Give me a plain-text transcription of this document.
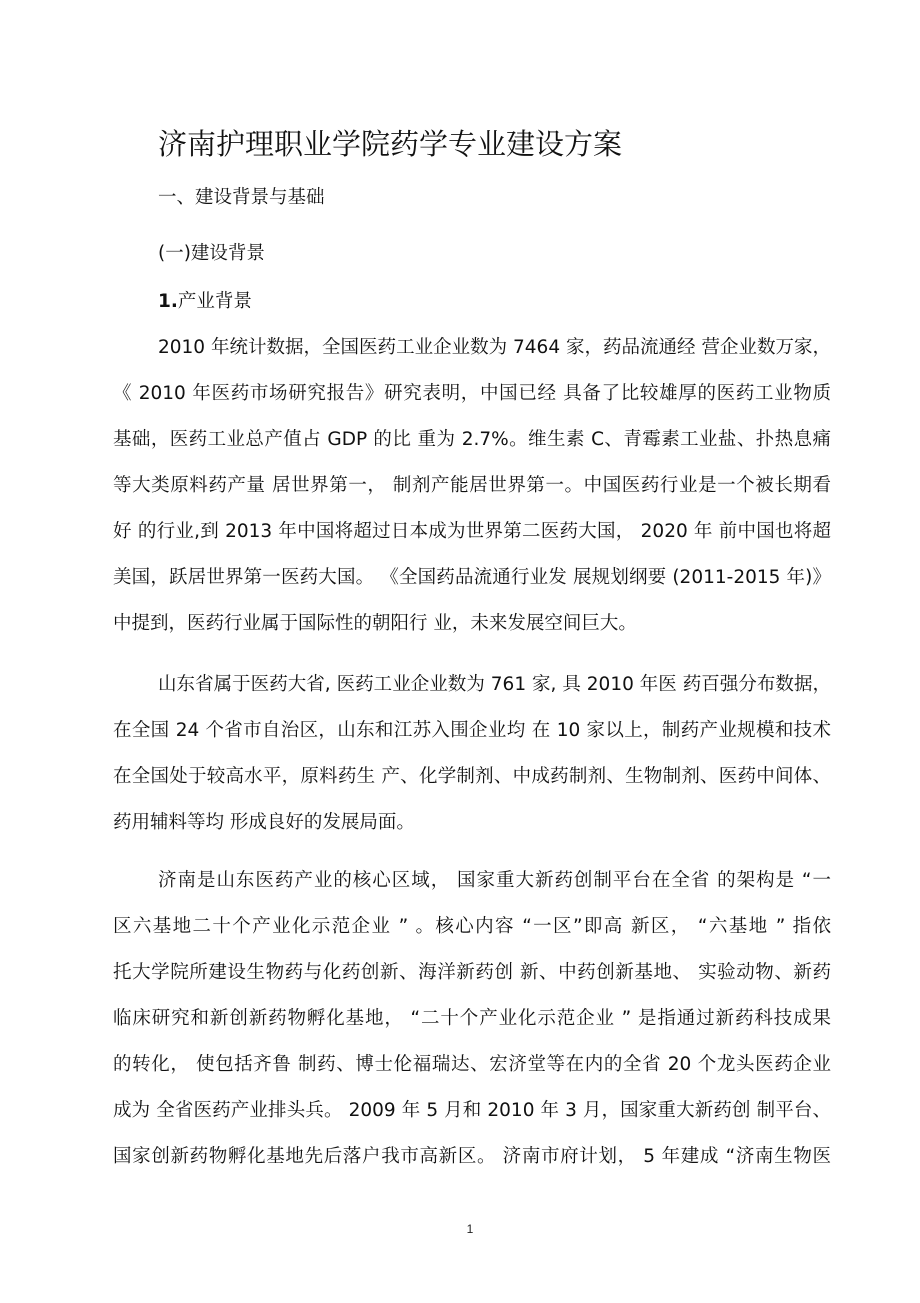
济南护理职业学院药学专业建设方案
一、建设背景与基础
(一)建设背景
1.产业背景
2010 年统计数据，全国医药工业企业数为 7464 家，药品流通经 营企业数万家，
《 2010 年医药市场研究报告》研究表明，中国已经 具备了比较雄厚的医药工业物质
基础，医药工业总产值占 GDP 的比 重为 2.7%。维生素 C、青霉素工业盐、扑热息痛
等大类原料药产量 居世界第一， 制剂产能居世界第一。中国医药行业是一个被长期看
好 的行业,到 2013 年中国将超过日本成为世界第二医药大国， 2020 年 前中国也将超
美国，跃居世界第一医药大国。 《全国药品流通行业发 展规划纲要 (2011-2015 年)》
中提到，医药行业属于国际性的朝阳行 业，未来发展空间巨大。
山东省属于医药大省, 医药工业企业数为 761 家, 具 2010 年医 药百强分布数据，
在全国 24 个省市自治区，山东和江苏入围企业均 在 10 家以上，制药产业规模和技术
在全国处于较高水平，原料药生 产、化学制剂、中成药制剂、生物制剂、医药中间体、
药用辅料等均 形成良好的发展局面。
济南是山东医药产业的核心区域， 国家重大新药创制平台在全省 的架构是 “一
区六基地二十个产业化示范企业 ” 。核心内容 “一区”即高 新区， “六基地 ” 指依
托大学院所建设生物药与化药创新、海洋新药创 新、中药创新基地、 实验动物、新药
临床研究和新创新药物孵化基地， “二十个产业化示范企业 ” 是指通过新药科技成果
的转化， 使包括齐鲁 制药、博士伦福瑞达、宏济堂等在内的全省 20 个龙头医药企业
成为 全省医药产业排头兵。 2009 年 5 月和 2010 年 3 月，国家重大新药创 制平台、
国家创新药物孵化基地先后落户我市高新区。 济南市府计划， 5 年建成 “济南生物医
1
